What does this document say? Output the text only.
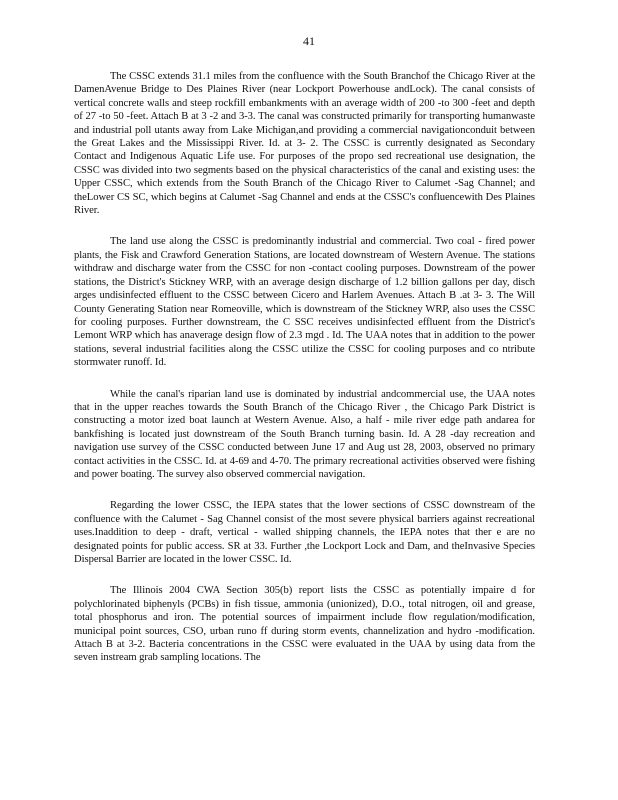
41

The CSSC extends 31.1 miles from the confluence with the South Branchof the Chicago River at the DamenAvenue Bridge to Des Plaines River (near Lockport Powerhouse andLock). The canal consists of vertical concrete walls and steep rockfill embankments with an average width of 200 -to 300 -feet and depth of 27 -to 50 -feet. Attach B at 3 -2 and 3-3. The canal was constructed primarily for transporting humanwaste and industrial poll utants away from Lake Michigan,and providing a commercial navigationconduit between the Great Lakes and the Mississippi River. Id. at 3- 2. The CSSC is currently designated as Secondary Contact and Indigenous Aquatic Life use. For purposes of the propo sed recreational use designation, the CSSC was divided into two segments based on the physical characteristics of the canal and existing uses: the Upper CSSC, which extends from the South Branch of the Chicago River to Calumet -Sag Channel; and theLower CS SC, which begins at Calumet -Sag Channel and ends at the CSSC's confluencewith Des Plaines River.

The land use along the CSSC is predominantly industrial and commercial. Two coal - fired power plants, the Fisk and Crawford Generation Stations, are located downstream of Western Avenue. The stations withdraw and discharge water from the CSSC for non -contact cooling purposes. Downstream of the power stations, the District's Stickney WRP, with an average design discharge of 1.2 billion gallons per day, disch arges undisinfected effluent to the CSSC between Cicero and Harlem Avenues. Attach B .at 3- 3. The Will County Generating Station near Romeoville, which is downstream of the Stickney WRP, also uses the CSSC for cooling purposes. Further downstream, the C SSC receives undisinfected effluent from the District's Lemont WRP which has anaverage design flow of 2.3 mgd . Id. The UAA notes that in addition to the power stations, several industrial facilities along the CSSC utilize the CSSC for cooling purposes and co ntribute stormwater runoff. Id.

While the canal's riparian land use is dominated by industrial andcommercial use, the UAA notes that in the upper reaches towards the South Branch of the Chicago River , the Chicago Park District is constructing a motor ized boat launch at Western Avenue. Also, a half - mile river edge path andarea for bankfishing is located just downstream of the South Branch turning basin. Id. A 28 -day recreation and navigation use survey of the CSSC conducted between June 17 and Aug ust 28, 2003, observed no primary contact activities in the CSSC. Id. at 4-69 and 4-70. The primary recreational activities observed were fishing and power boating. The survey also observed commercial navigation.

Regarding the lower CSSC, the IEPA states that the lower sections of CSSC downstream of the confluence with the Calumet - Sag Channel consist of the most severe physical barriers against recreational uses.Inaddition to deep - draft, vertical - walled shipping channels, the IEPA notes that ther e are no designated points for public access. SR at 33. Further ,the Lockport Lock and Dam, and theInvasive Species Dispersal Barrier are located in the lower CSSC. Id.

The Illinois 2004 CWA Section 305(b) report lists the CSSC as potentially impaire d for polychlorinated biphenyls (PCBs) in fish tissue, ammonia (unionized), D.O., total nitrogen, oil and grease, total phosphorus and iron. The potential sources of impairment include flow regulation/modification, municipal point sources, CSO, urban runo ff during storm events, channelization and hydro -modification. Attach B at 3-2. Bacteria concentrations in the CSSC were evaluated in the UAA by using data from the seven instream grab sampling locations. The
